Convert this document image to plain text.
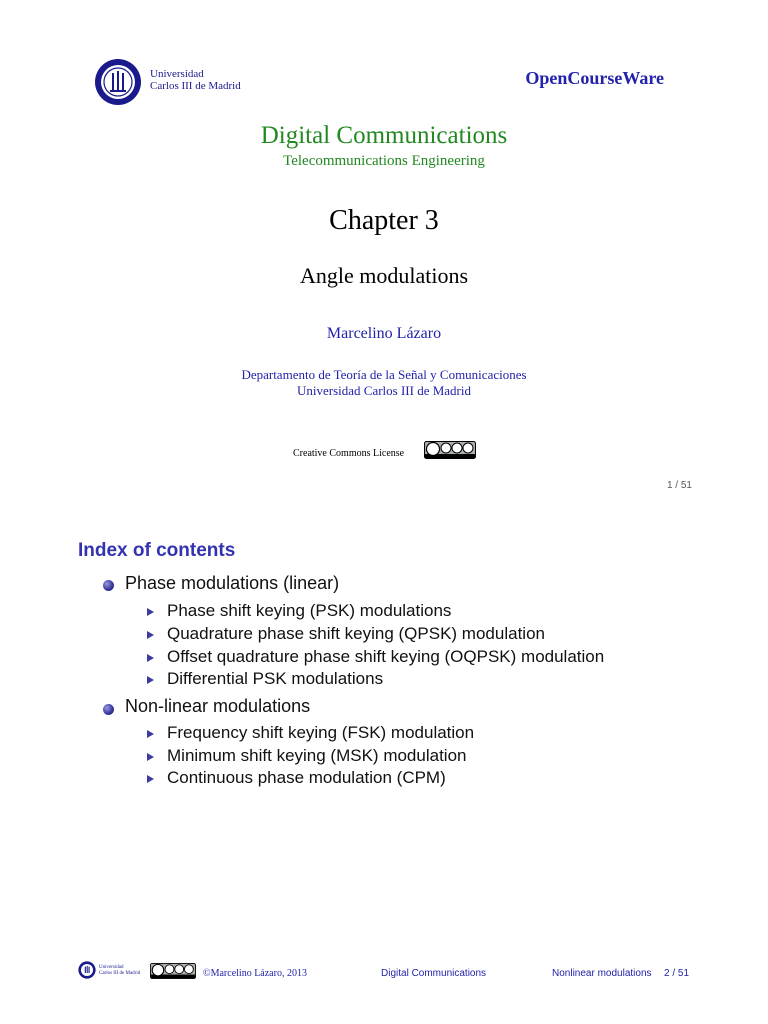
Universidad
Carlos III de Madrid	OpenCourseWare
Digital Communications
Telecommunications Engineering
Chapter 3
Angle modulations
Marcelino Lázaro
Departamento de Teoría de la Señal y Comunicaciones
Universidad Carlos III de Madrid
Creative Commons License
1 / 51
Index of contents
Phase modulations (linear)
Phase shift keying (PSK) modulations
Quadrature phase shift keying (QPSK) modulation
Offset quadrature phase shift keying (OQPSK) modulation
Differential PSK modulations
Non-linear modulations
Frequency shift keying (FSK) modulation
Minimum shift keying (MSK) modulation
Continuous phase modulation (CPM)
Universidad
Carlos III de Madrid	©Marcelino Lázaro, 2013	Digital Communications	Nonlinear modulations 2 / 51
